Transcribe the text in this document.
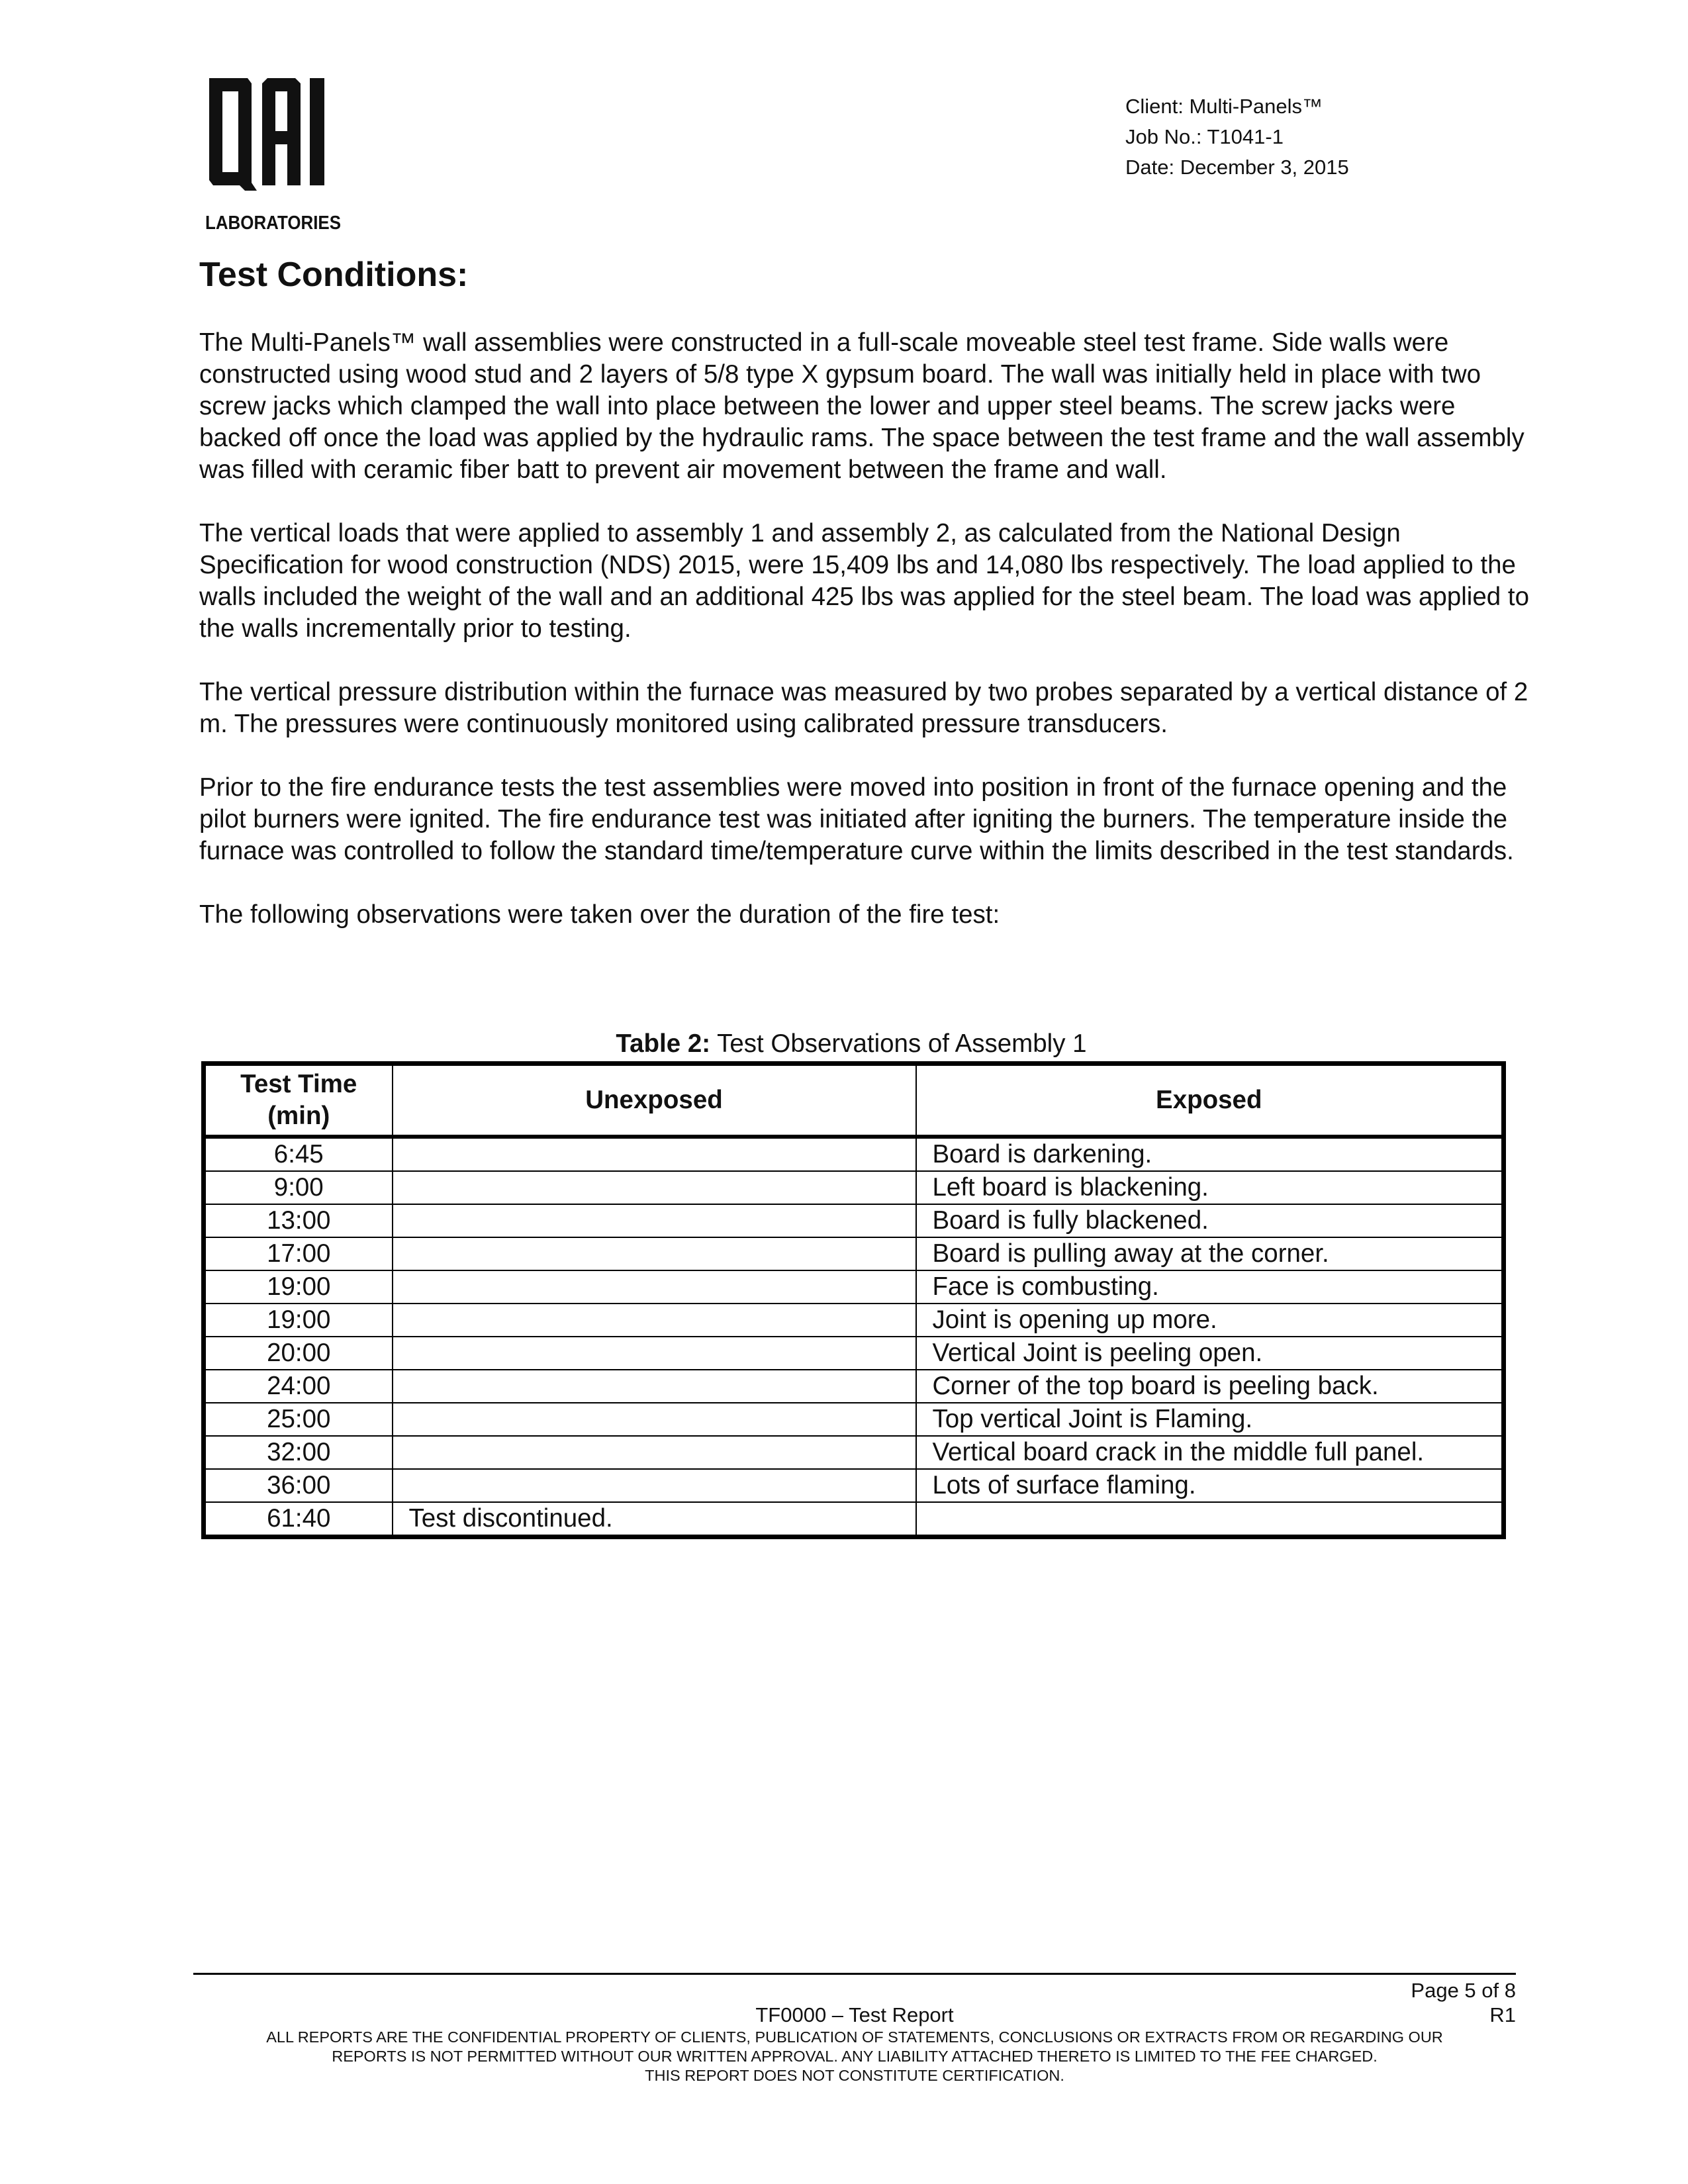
LABORATORIES
Client: Multi-Panels™
Job No.: T1041-1
Date: December 3, 2015
Test Conditions:

The Multi-Panels™ wall assemblies were constructed in a full-scale moveable steel test frame. Side walls were constructed using wood stud and 2 layers of 5/8 type X gypsum board. The wall was initially held in place with two screw jacks which clamped the wall into place between the lower and upper steel beams. The screw jacks were backed off once the load was applied by the hydraulic rams. The space between the test frame and the wall assembly was filled with ceramic fiber batt to prevent air movement between the frame and wall.

The vertical loads that were applied to assembly 1 and assembly 2, as calculated from the National Design Specification for wood construction (NDS) 2015, were 15,409 lbs and 14,080 lbs respectively. The load applied to the walls included the weight of the wall and an additional 425 lbs was applied for the steel beam. The load was applied to the walls incrementally prior to testing.

The vertical pressure distribution within the furnace was measured by two probes separated by a vertical distance of 2 m. The pressures were continuously monitored using calibrated pressure transducers.

Prior to the fire endurance tests the test assemblies were moved into position in front of the furnace opening and the pilot burners were ignited. The fire endurance test was initiated after igniting the burners. The temperature inside the furnace was controlled to follow the standard time/temperature curve within the limits described in the test standards.

The following observations were taken over the duration of the fire test:

Table 2: Test Observations of Assembly 1
Test Time
(min)	Unexposed	Exposed
6:45		Board is darkening.
9:00		Left board is blackening.
13:00		Board is fully blackened.
17:00		Board is pulling away at the corner.
19:00		Face is combusting.
19:00		Joint is opening up more.
20:00		Vertical Joint is peeling open.
24:00		Corner of the top board is peeling back.
25:00		Top vertical Joint is Flaming.
32:00		Vertical board crack in the middle full panel.
36:00		Lots of surface flaming.
61:40	Test discontinued.	
Page 5 of 8
TF0000 – Test Report	R1
ALL REPORTS ARE THE CONFIDENTIAL PROPERTY OF CLIENTS, PUBLICATION OF STATEMENTS, CONCLUSIONS OR EXTRACTS FROM OR REGARDING OUR
REPORTS IS NOT PERMITTED WITHOUT OUR WRITTEN APPROVAL. ANY LIABILITY ATTACHED THERETO IS LIMITED TO THE FEE CHARGED.
THIS REPORT DOES NOT CONSTITUTE CERTIFICATION.
